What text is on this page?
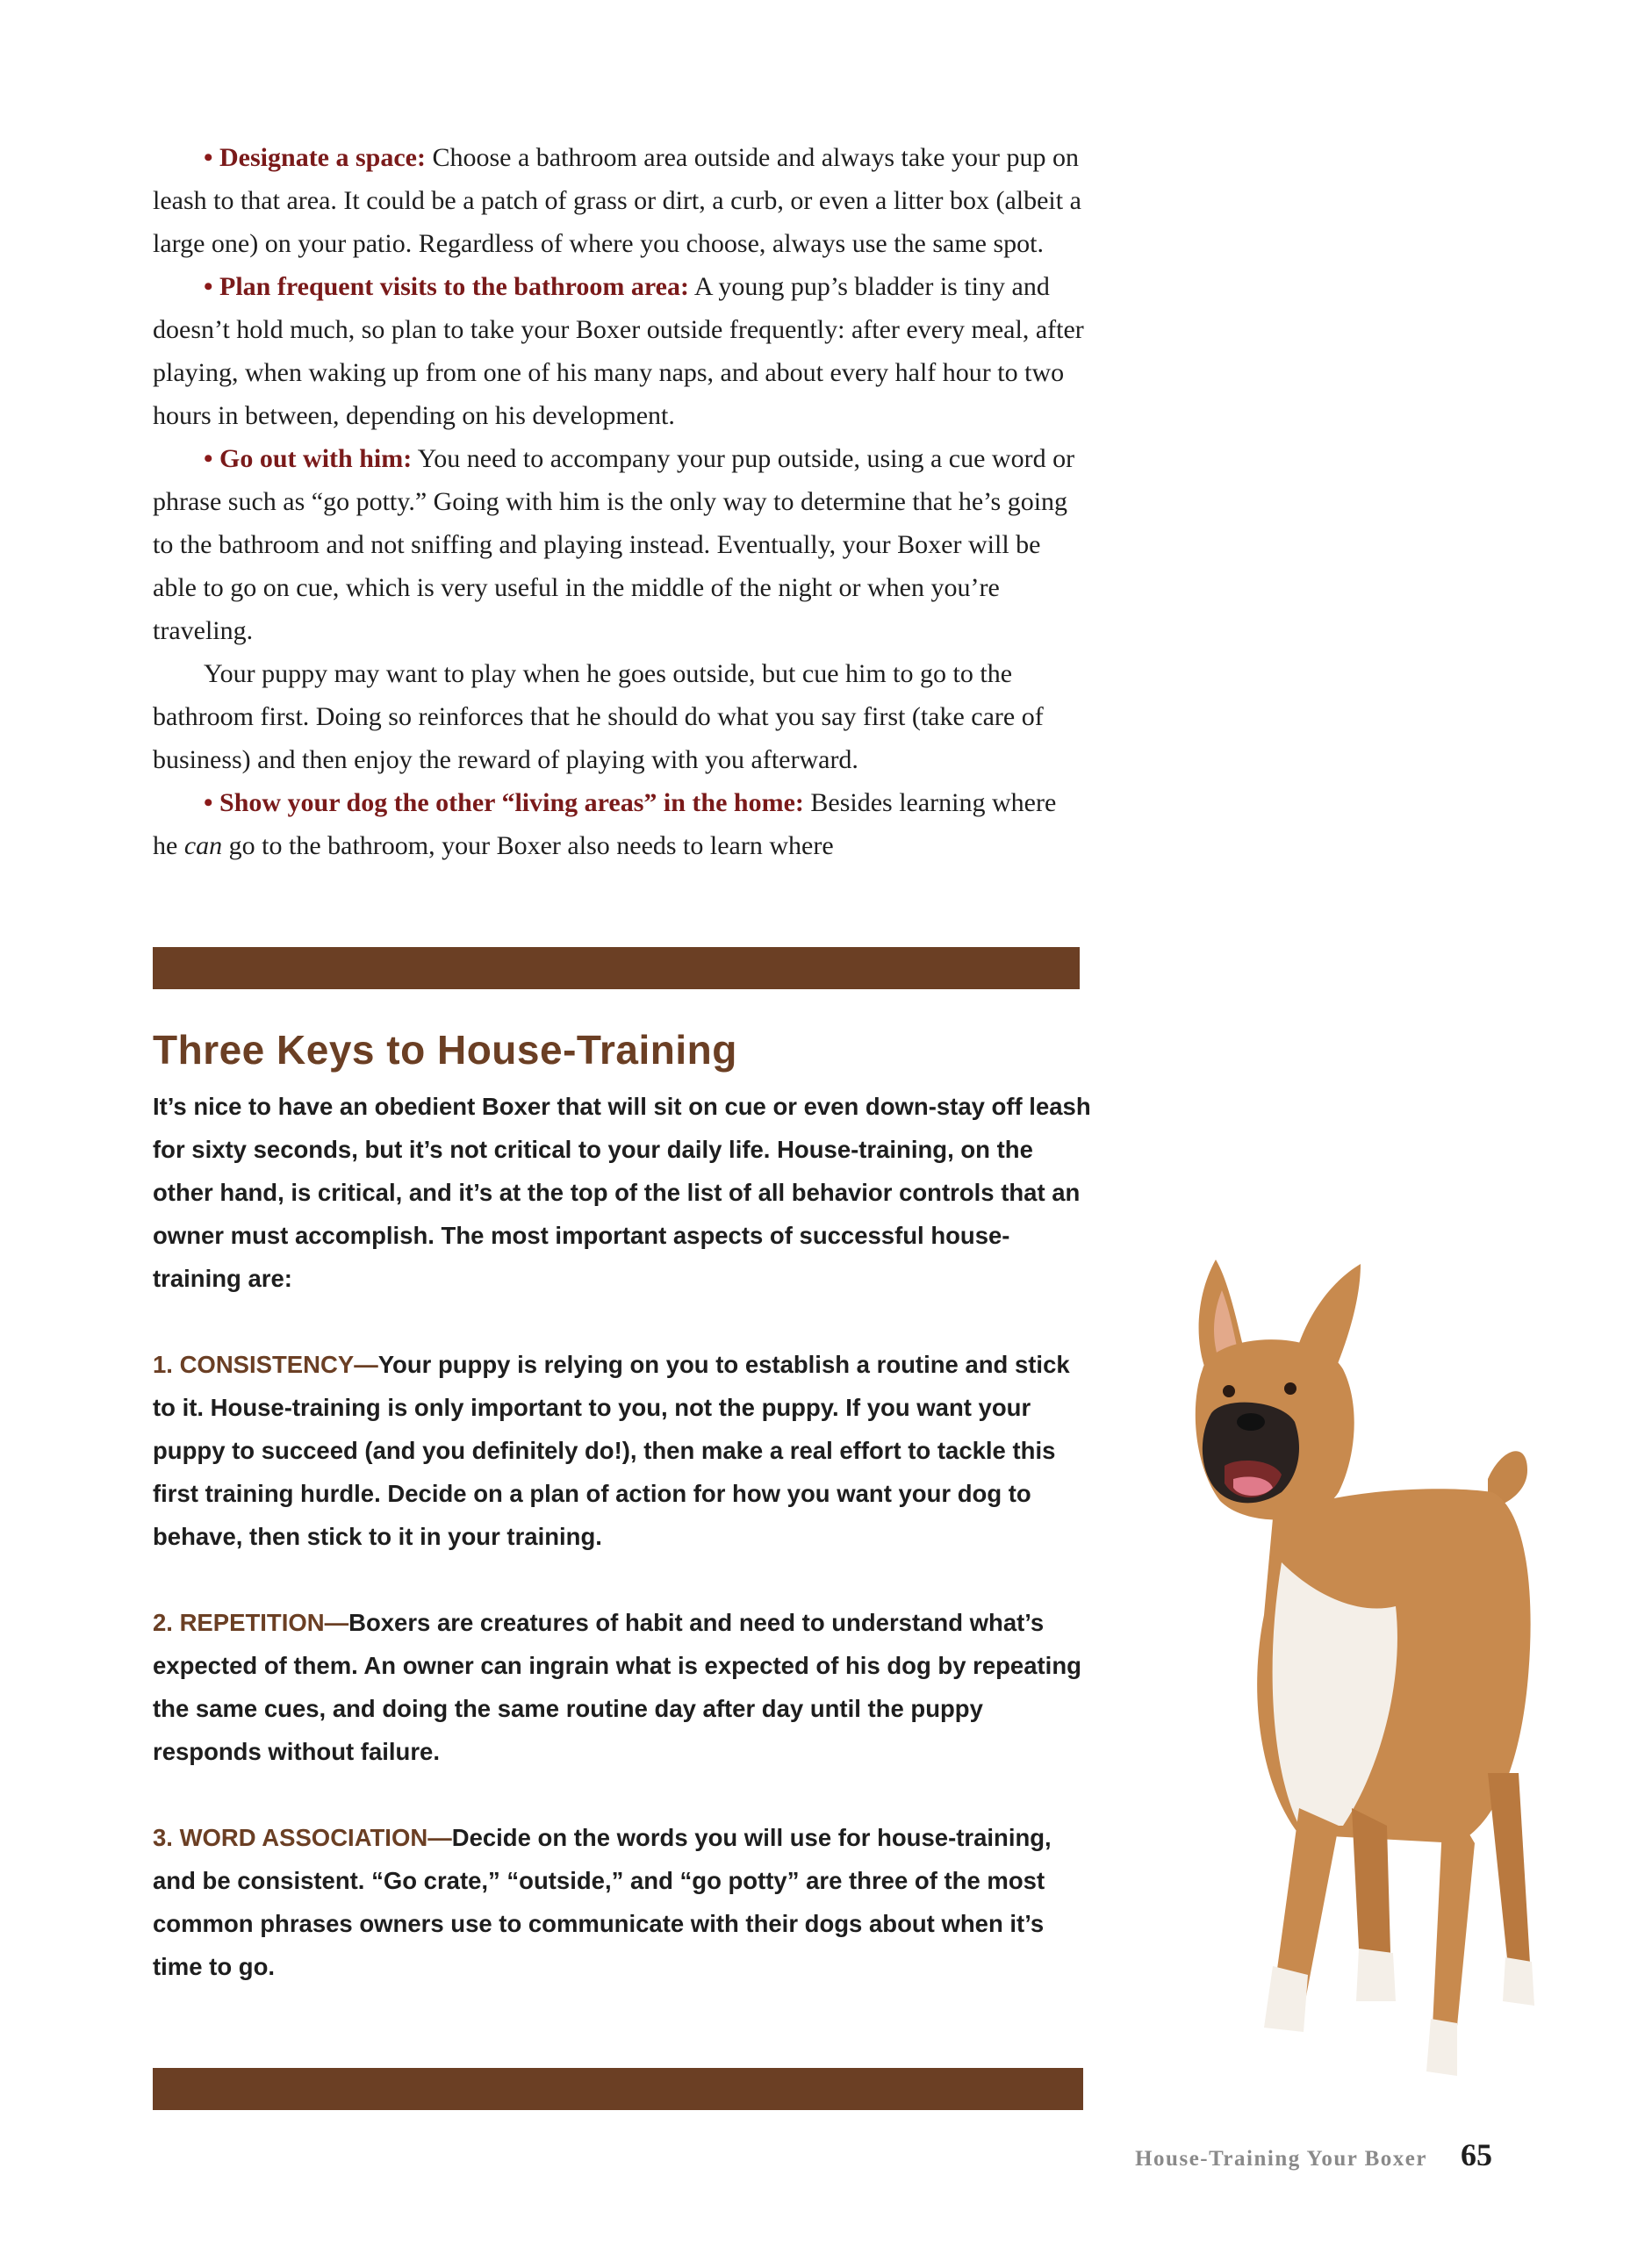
• Designate a space: Choose a bathroom area outside and always take your pup on leash to that area. It could be a patch of grass or dirt, a curb, or even a litter box (albeit a large one) on your patio. Regardless of where you choose, always use the same spot.

• Plan frequent visits to the bathroom area: A young pup’s bladder is tiny and doesn’t hold much, so plan to take your Boxer outside frequently: after every meal, after playing, when waking up from one of his many naps, and about every half hour to two hours in between, depending on his development.

• Go out with him: You need to accompany your pup outside, using a cue word or phrase such as “go potty.” Going with him is the only way to determine that he’s going to the bathroom and not sniffing and playing instead. Eventually, your Boxer will be able to go on cue, which is very useful in the middle of the night or when you’re traveling.

Your puppy may want to play when he goes outside, but cue him to go to the bathroom first. Doing so reinforces that he should do what you say first (take care of business) and then enjoy the reward of playing with you afterward.

• Show your dog the other “living areas” in the home: Besides learning where he can go to the bathroom, your Boxer also needs to learn where

Three Keys to House-Training

It’s nice to have an obedient Boxer that will sit on cue or even down-stay off leash for sixty seconds, but it’s not critical to your daily life. House-training, on the other hand, is critical, and it’s at the top of the list of all behavior controls that an owner must accomplish. The most important aspects of successful house-training are:

1. CONSISTENCY—Your puppy is relying on you to establish a routine and stick to it. House-training is only important to you, not the puppy. If you want your puppy to succeed (and you definitely do!), then make a real effort to tackle this first training hurdle. Decide on a plan of action for how you want your dog to behave, then stick to it in your training.

2. REPETITION—Boxers are creatures of habit and need to understand what’s expected of them. An owner can ingrain what is expected of his dog by repeating the same cues, and doing the same routine day after day until the puppy responds without failure.

3. WORD ASSOCIATION—Decide on the words you will use for house-training, and be consistent. “Go crate,” “outside,” and “go potty” are three of the most common phrases owners use to communicate with their dogs about when it’s time to go.

House-Training Your Boxer 65
